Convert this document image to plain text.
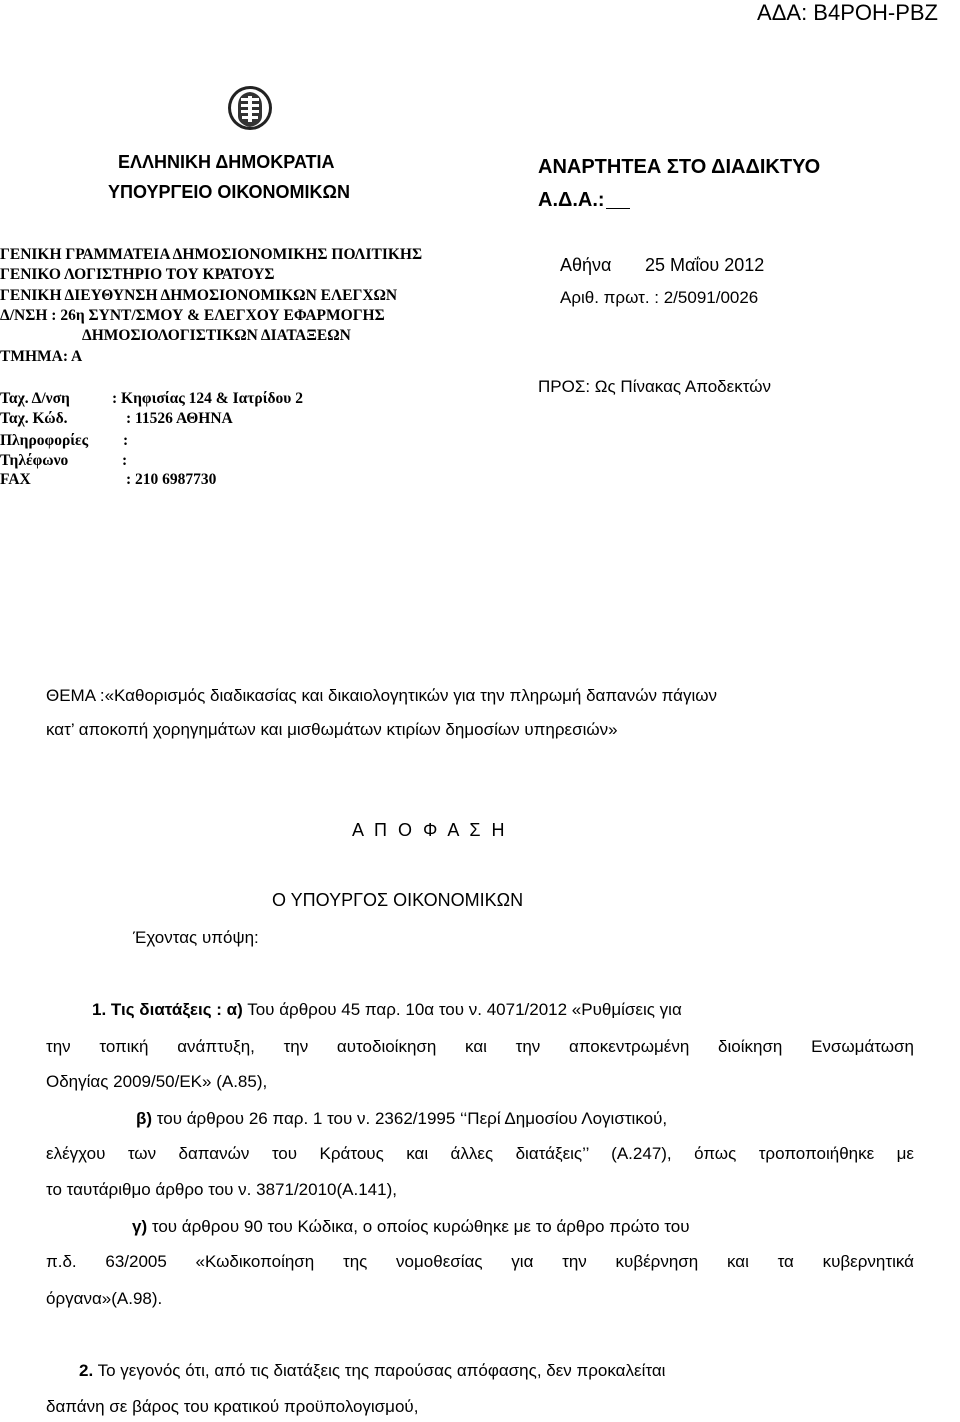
ΑΔΑ: Β4ΡΟΗ-ΡΒΖ
ΕΛΛΗΝΙΚΗ ΔΗΜΟΚΡΑΤΙΑ
ΥΠΟΥΡΓΕΙΟ ΟΙΚΟΝΟΜΙΚΩΝ
ΓΕΝΙΚΗ ΓΡΑΜΜΑΤΕΙΑ ΔΗΜΟΣΙΟΝΟΜΙΚΗΣ ΠΟΛΙΤΙΚΗΣ
ΓΕΝΙΚΟ ΛΟΓΙΣΤΗΡΙΟ ΤΟΥ ΚΡΑΤΟΥΣ
ΓΕΝΙΚΗ ΔΙΕΥΘΥΝΣΗ ΔΗΜΟΣΙΟΝΟΜΙΚΩΝ ΕΛΕΓΧΩΝ
Δ/ΝΣΗ : 26η ΣΥΝΤ/ΣΜΟΥ & ΕΛΕΓΧΟΥ ΕΦΑΡΜΟΓΗΣ
ΔΗΜΟΣΙΟΛΟΓΙΣΤΙΚΩΝ ΔΙΑΤΑΞΕΩΝ
ΤΜΗΜΑ: Α
Ταχ. Δ/νση	: Κηφισίας 124 & Ιατρίδου 2
Ταχ. Κώδ.	: 11526 ΑΘΗΝΑ
Πληροφορίες :
Τηλέφωνο	:
FAX	: 210 6987730
ΑΝΑΡΤΗΤΕΑ ΣΤΟ ΔΙΑΔΙΚΤΥΟ
Α.Δ.Α.:
Αθήνα 25 Μαΐου 2012
Αριθ. πρωτ. : 2/5091/0026
ΠΡΟΣ: Ως Πίνακας Αποδεκτών
ΘΕΜΑ :«Καθορισμός διαδικασίας και δικαιολογητικών για την πληρωμή δαπανών πάγιων
κατ’ αποκοπή χορηγημάτων και μισθωμάτων κτιρίων δημοσίων υπηρεσιών»
Α Π Ο Φ Α Σ Η
Ο ΥΠΟΥΡΓΟΣ ΟΙΚΟΝΟΜΙΚΩΝ
Έχοντας υπόψη:
1. Τις διατάξεις : α) Του άρθρου 45 παρ. 10α του ν. 4071/2012 «Ρυθμίσεις για
την τοπική ανάπτυξη, την αυτοδιοίκηση και την αποκεντρωμένη διοίκηση Ενσωμάτωση
Οδηγίας 2009/50/ΕΚ» (Α.85),
β) του άρθρου 26 παρ. 1 του ν. 2362/1995 ‘‘Περί Δημοσίου Λογιστικού,
ελέγχου των δαπανών του Κράτους και άλλες διατάξεις’’ (Α.247), όπως τροποποιήθηκε με
το ταυτάριθμο άρθρο του ν. 3871/2010(Α.141),
γ) του άρθρου 90 του Κώδικα, ο οποίος κυρώθηκε με το άρθρο πρώτο του
π.δ. 63/2005 «Κωδικοποίηση της νομοθεσίας για την κυβέρνηση και τα κυβερνητικά
όργανα»(Α.98).
2. Το γεγονός ότι, από τις διατάξεις της παρούσας απόφασης, δεν προκαλείται
δαπάνη σε βάρος του κρατικού προϋπολογισμού,
